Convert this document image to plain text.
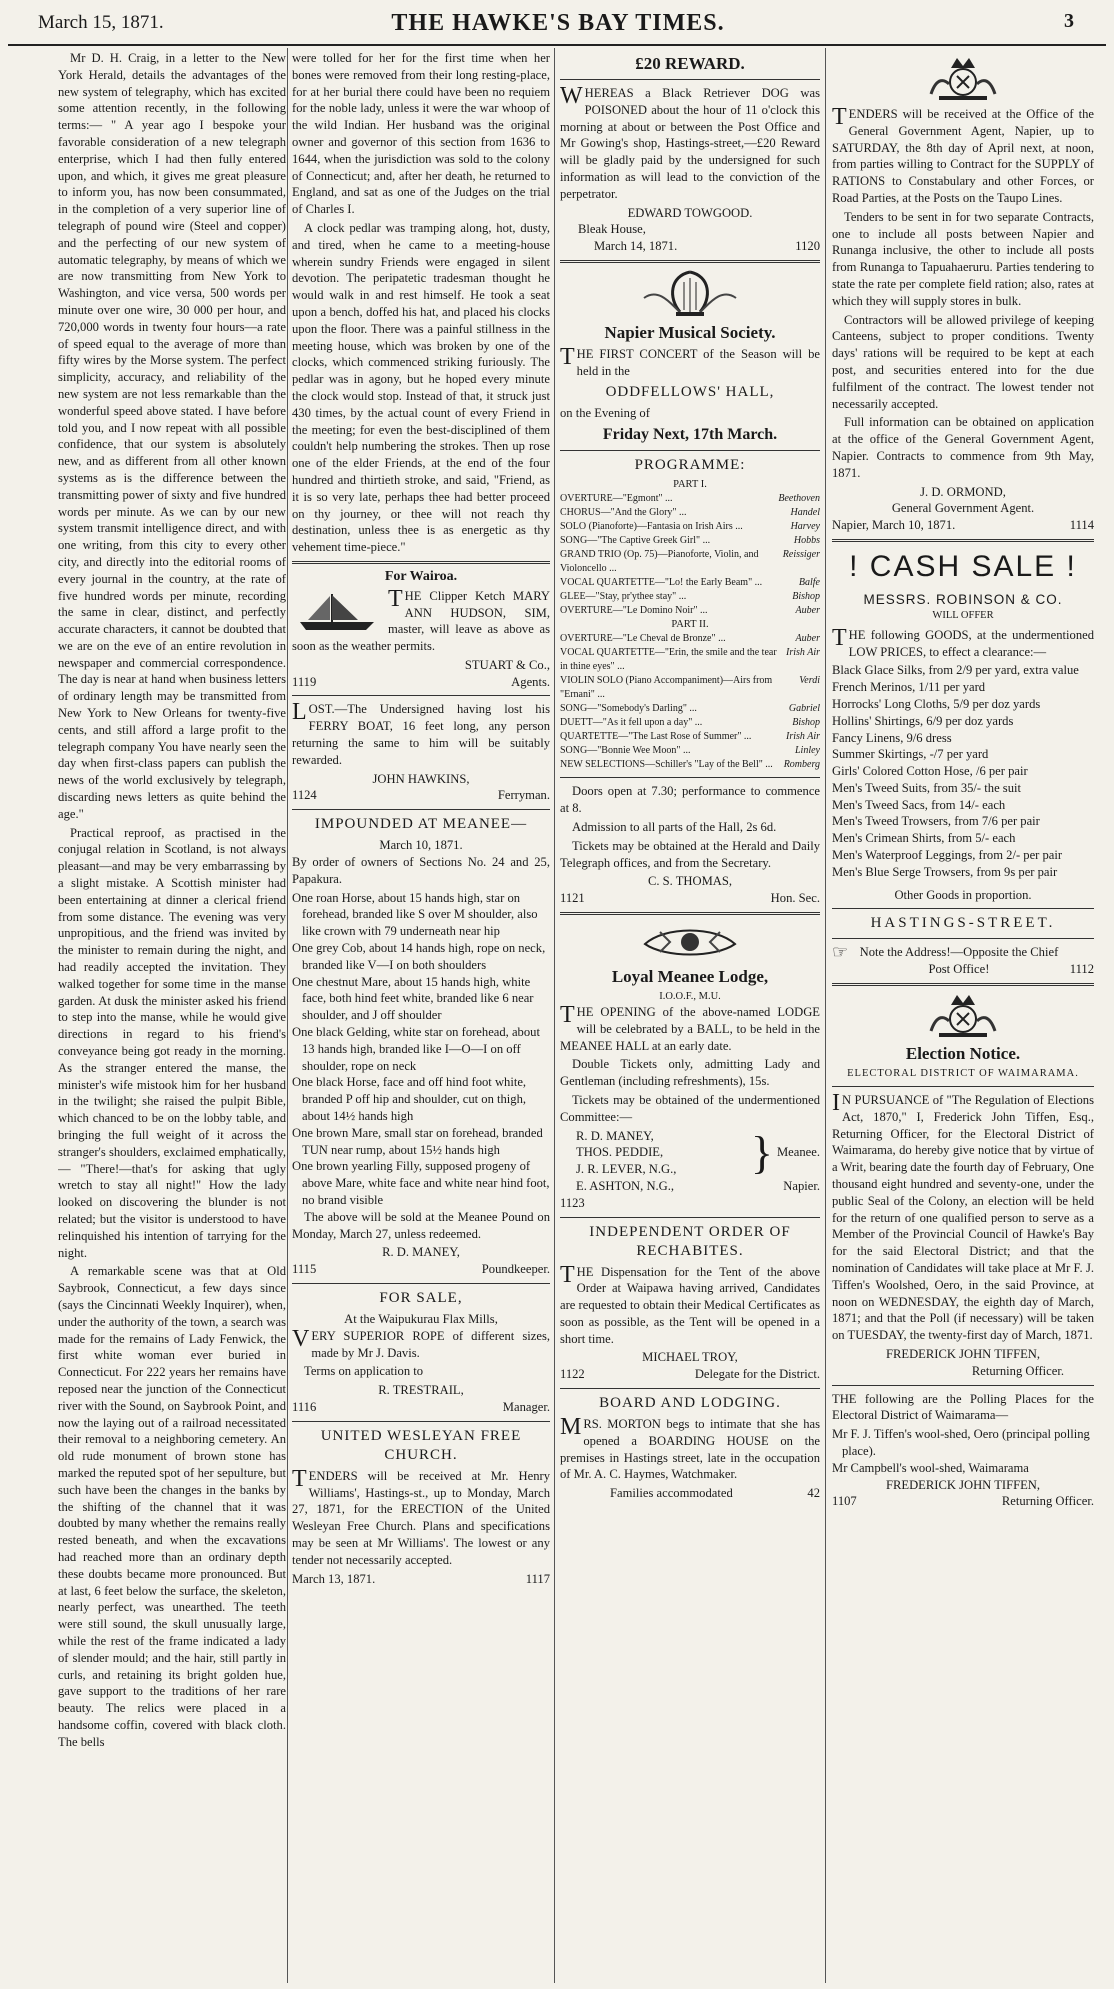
March 15, 1871.	THE HAWKE'S BAY TIMES.	3

Mr D. H. Craig, in a letter to the New York Herald, details the advantages of the new system of telegraphy, which has excited some attention recently, in the following terms:— " A year ago I bespoke your favorable consideration of a new telegraph enterprise, which I had then fully entered upon, and which, it gives me great pleasure to inform you, has now been consummated, in the completion of a very superior line of telegraph of pound wire (Steel and copper) and the perfecting of our new system of automatic telegraphy, by means of which we are now transmitting from New York to Washington, and vice versa, 500 words per minute over one wire, 30 000 per hour, and 720,000 words in twenty four hours—a rate of speed equal to the average of more than fifty wires by the Morse system. The perfect simplicity, accuracy, and reliability of the new system are not less remarkable than the wonderful speed above stated. I have before told you, and I now repeat with all possible confidence, that our system is absolutely new, and as different from all other known systems as is the difference between the transmitting power of sixty and five hundred words per minute. As we can by our new system transmit intelligence direct, and with one writing, from this city to every other city, and directly into the editorial rooms of every journal in the country, at the rate of five hundred words per minute, recording the same in clear, distinct, and perfectly accurate characters, it cannot be doubted that we are on the eve of an entire revolution in newspaper and commercial correspondence. The day is near at hand when business letters of ordinary length may be transmitted from New York to New Orleans for twenty-five cents, and still afford a large profit to the telegraph company You have nearly seen the day when first-class papers can publish the news of the world exclusively by telegraph, discarding news letters as quite behind the age."

Practical reproof, as practised in the conjugal relation in Scotland, is not always pleasant—and may be very embarrassing by a slight mistake. A Scottish minister had been entertaining at dinner a clerical friend from some distance. The evening was very unpropitious, and the friend was invited by the minister to remain during the night, and had readily accepted the invitation. They walked together for some time in the manse garden. At dusk the minister asked his friend to step into the manse, while he would give directions in regard to his friend's conveyance being got ready in the morning. As the stranger entered the manse, the minister's wife mistook him for her husband in the twilight; she raised the pulpit Bible, which chanced to be on the lobby table, and bringing the full weight of it across the stranger's shoulders, exclaimed emphatically,— "There!—that's for asking that ugly wretch to stay all night!" How the lady looked on discovering the blunder is not related; but the visitor is understood to have relinquished his intention of tarrying for the night.

A remarkable scene was that at Old Saybrook, Connecticut, a few days since (says the Cincinnati Weekly Inquirer), when, under the authority of the town, a search was made for the remains of Lady Fenwick, the first white woman ever buried in Connecticut. For 222 years her remains have reposed near the junction of the Connecticut river with the Sound, on Saybrook Point, and now the laying out of a railroad necessitated their removal to a neighboring cemetery. An old rude monument of brown stone has marked the reputed spot of her sepulture, but such have been the changes in the banks by the shifting of the channel that it was doubted by many whether the remains really rested beneath, and when the excavations had reached more than an ordinary depth these doubts became more pronounced. But at last, 6 feet below the surface, the skeleton, nearly perfect, was unearthed. The teeth were still sound, the skull unusually large, while the rest of the frame indicated a lady of slender mould; and the hair, still partly in curls, and retaining its bright golden hue, gave support to the traditions of her rare beauty. The relics were placed in a handsome coffin, covered with black cloth. The bells

were tolled for her for the first time when her bones were removed from their long resting-place, for at her burial there could have been no requiem for the noble lady, unless it were the war whoop of the wild Indian. Her husband was the original owner and governor of this section from 1636 to 1644, when the jurisdiction was sold to the colony of Connecticut; and, after her death, he returned to England, and sat as one of the Judges on the trial of Charles I.

A clock pedlar was tramping along, hot, dusty, and tired, when he came to a meeting-house wherein sundry Friends were engaged in silent devotion. The peripatetic tradesman thought he would walk in and rest himself. He took a seat upon a bench, doffed his hat, and placed his clocks upon the floor. There was a painful stillness in the meeting house, which was broken by one of the clocks, which commenced striking furiously. The pedlar was in agony, but he hoped every minute the clock would stop. Instead of that, it struck just 430 times, by the actual count of every Friend in the meeting; for even the best-disciplined of them couldn't help numbering the strokes. Then up rose one of the elder Friends, at the end of the four hundred and thirtieth stroke, and said, "Friend, as it is so very late, perhaps thee had better proceed on thy journey, or thee will not reach thy destination, unless thee is as energetic as thy vehement time-piece."

For Wairoa.

THE Clipper Ketch MARY ANN HUDSON, SIM, master, will leave as above as soon as the weather permits.

STUART & Co.,
1119	Agents.

LOST.—The Undersigned having lost his FERRY BOAT, 16 feet long, any person returning the same to him will be suitably rewarded.

JOHN HAWKINS,
1124	Ferryman.
IMPOUNDED AT MEANEE—
March 10, 1871.

By order of owners of Sections No. 24 and 25, Papakura.

One roan Horse, about 15 hands high, star on forehead, branded like S over M shoulder, also like crown with 79 underneath near hip
One grey Cob, about 14 hands high, rope on neck, branded like V—I on both shoulders
One chestnut Mare, about 15 hands high, white face, both hind feet white, branded like 6 near shoulder, and J off shoulder
One black Gelding, white star on forehead, about 13 hands high, branded like I—O—I on off shoulder, rope on neck
One black Horse, face and off hind foot white, branded P off hip and shoulder, cut on thigh, about 14½ hands high
One brown Mare, small star on forehead, branded TUN near rump, about 15½ hands high
One brown yearling Filly, supposed progeny of above Mare, white face and white near hind foot, no brand visible

The above will be sold at the Meanee Pound on Monday, March 27, unless redeemed.

R. D. MANEY,
1115	Poundkeeper.
FOR SALE,
At the Waipukurau Flax Mills,

VERY SUPERIOR ROPE of different sizes, made by Mr J. Davis.

Terms on application to

R. TRESTRAIL,
1116	Manager.
UNITED WESLEYAN FREE CHURCH.

TENDERS will be received at Mr. Henry Williams', Hastings-st., up to Monday, March 27, 1871, for the ERECTION of the United Wesleyan Free Church. Plans and specifications may be seen at Mr Williams'. The lowest or any tender not necessarily accepted.

March 13, 1871.	1117
£20 REWARD.

WHEREAS a Black Retriever DOG was POISONED about the hour of 11 o'clock this morning at about or between the Post Office and Mr Gowing's shop, Hastings-street,—£20 Reward will be gladly paid by the undersigned for such information as will lead to the conviction of the perpetrator.

EDWARD TOWGOOD.
Bleak House,
March 14, 1871.	1120
Napier Musical Society.

THE FIRST CONCERT of the Season will be held in the

ODDFELLOWS' HALL,
on the Evening of
Friday Next, 17th March.
PROGRAMME:
PART I.
OVERTURE—"Egmont" ...	Beethoven
CHORUS—"And the Glory" ...	Handel
SOLO (Pianoforte)—Fantasia on Irish Airs ...	Harvey
SONG—"The Captive Greek Girl" ...	Hobbs
GRAND TRIO (Op. 75)—Pianoforte, Violin, and Violoncello ...
Reissiger
VOCAL QUARTETTE—"Lo! the Early Beam" ...	Balfe
GLEE—"Stay, pr'ythee stay" ...	Bishop
OVERTURE—"Le Domino Noir" ...	Auber
PART II.
OVERTURE—"Le Cheval de Bronze" ...	Auber
VOCAL QUARTETTE—"Erin, the smile and the tear in thine eyes" ...
Irish Air
VIOLIN SOLO (Piano Accompaniment)—Airs from "Ernani" ...
Verdi
SONG—"Somebody's Darling" ...	Gabriel
DUETT—"As it fell upon a day" ...	Bishop
QUARTETTE—"The Last Rose of Summer" ...	Irish Air
SONG—"Bonnie Wee Moon" ...	Linley
NEW SELECTIONS—Schiller's "Lay of the Bell" ... Romberg

Doors open at 7.30; performance to commence at 8.

Admission to all parts of the Hall, 2s 6d.

Tickets may be obtained at the Herald and Daily Telegraph offices, and from the Secretary.

C. S. THOMAS,
1121	Hon. Sec.
Loyal Meanee Lodge,
I.O.O.F., M.U.

THE OPENING of the above-named LODGE will be celebrated by a BALL, to be held in the MEANEE HALL at an early date.

Double Tickets only, admitting Lady and Gentleman (including refreshments), 15s.

Tickets may be obtained of the undermentioned Committee:—

R. D. MANEY,
THOS. PEDDIE,
J. R. LEVER, N.G.,	} Meanee.
E. ASHTON, N.G.,	Napier.
1123
INDEPENDENT ORDER OF RECHABITES.

THE Dispensation for the Tent of the above Order at Waipawa having arrived, Candidates are requested to obtain their Medical Certificates as soon as possible, as the Tent will be opened in a short time.

MICHAEL TROY,
1122	Delegate for the District.
BOARD AND LODGING.

MRS. MORTON begs to intimate that she has opened a BOARDING HOUSE on the premises in Hastings street, late in the occupation of Mr. A. C. Haymes, Watchmaker.

Families accommodated	42

TENDERS will be received at the Office of the General Government Agent, Napier, up to SATURDAY, the 8th day of April next, at noon, from parties willing to Contract for the SUPPLY of RATIONS to Constabulary and other Forces, or Road Parties, at the Posts on the Taupo Lines.

Tenders to be sent in for two separate Contracts, one to include all posts between Napier and Runanga inclusive, the other to include all posts from Runanga to Tapuahaeruru. Parties tendering to state the rate per complete field ration; also, rates at which they will supply stores in bulk.

Contractors will be allowed privilege of keeping Canteens, subject to proper conditions. Twenty days' rations will be required to be kept at each post, and securities entered into for the due fulfilment of the contract. The lowest tender not necessarily accepted.

Full information can be obtained on application at the office of the General Government Agent, Napier. Contracts to commence from 9th May, 1871.

J. D. ORMOND,
General Government Agent.
Napier, March 10, 1871.	1114
! CASH SALE !
MESSRS. ROBINSON & CO.
WILL OFFER

THE following GOODS, at the undermentioned LOW PRICES, to effect a clearance:—

Black Glace Silks, from 2/9 per yard, extra value
French Merinos, 1/11 per yard
Horrocks' Long Cloths, 5/9 per doz yards
Hollins' Shirtings, 6/9 per doz yards
Fancy Linens, 9/6 dress
Summer Skirtings, -/7 per yard
Girls' Colored Cotton Hose, /6 per pair
Men's Tweed Suits, from 35/- the suit
Men's Tweed Sacs, from 14/- each
Men's Tweed Trowsers, from 7/6 per pair
Men's Crimean Shirts, from 5/- each
Men's Waterproof Leggings, from 2/- per pair
Men's Blue Serge Trowsers, from 9s per pair
Other Goods in proportion.
HASTINGS-STREET.
☞ Note the Address!—Opposite the Chief Post Office!	1112
Election Notice.
ELECTORAL DISTRICT OF WAIMARAMA.

IN PURSUANCE of "The Regulation of Elections Act, 1870," I, Frederick John Tiffen, Esq., Returning Officer, for the Electoral District of Waimarama, do hereby give notice that by virtue of a Writ, bearing date the fourth day of February, One thousand eight hundred and seventy-one, under the public Seal of the Colony, an election will be held for the return of one qualified person to serve as a Member of the Provincial Council of Hawke's Bay for the said Electoral District; and that the nomination of Candidates will take place at Mr F. J. Tiffen's Woolshed, Oero, in the said Province, at noon on WEDNESDAY, the eighth day of March, 1871; and that the Poll (if necessary) will be taken on TUESDAY, the twenty-first day of March, 1871.

FREDERICK JOHN TIFFEN,
Returning Officer.

THE following are the Polling Places for the Electoral District of Waimarama—

Mr F. J. Tiffen's wool-shed, Oero (principal polling place).
Mr Campbell's wool-shed, Waimarama
FREDERICK JOHN TIFFEN,
1107	Returning Officer.
